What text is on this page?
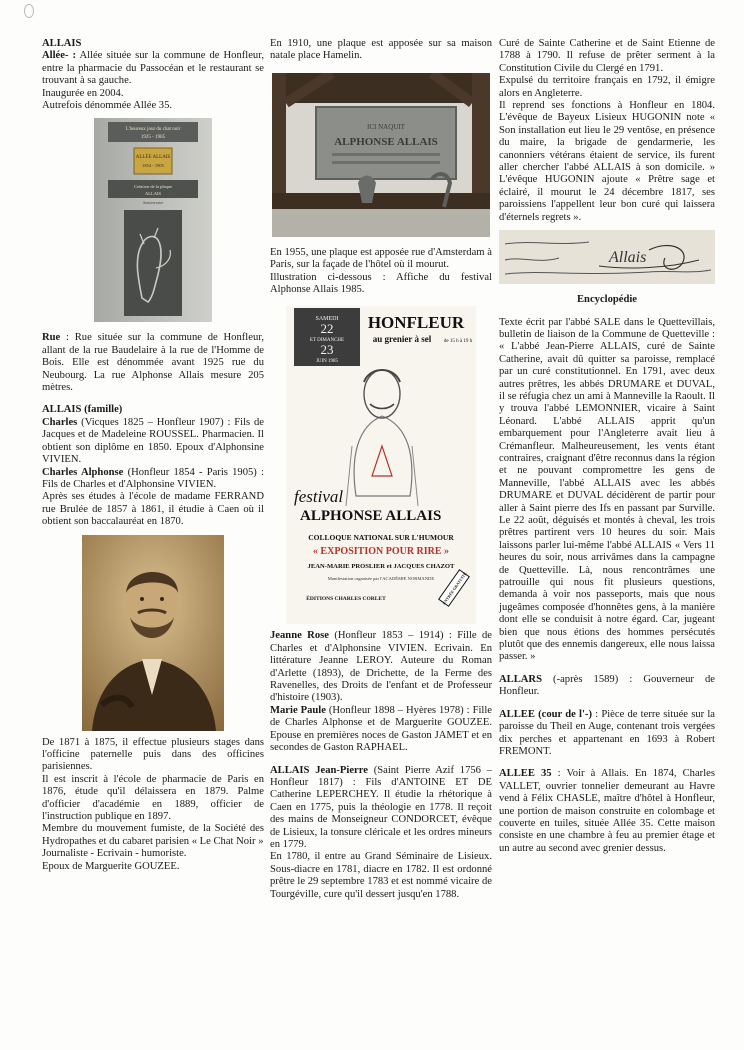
ALLAIS

Allée- : Allée située sur la commune de Honfleur, entre la pharmacie du Passocéan et le restaurant se trouvant à sa gauche.

Inaugurée en 2004.

Autrefois dénommée Allée 35.

L'heureux jour du chat noir
1925 - 1985
ALLÉE ALLAIS
1854 - 1905
Création de la plaque
ALLAIS
Anniversaire

Rue : Rue située sur la commune de Honfleur, allant de la rue Baudelaire à la rue de l'Homme de Bois. Elle est dénommée avant 1925 rue du Neubourg. La rue Alphonse Allais mesure 205 mètres.

ALLAIS (famille)

Charles (Vicques 1825 – Honfleur 1907) : Fils de Jacques et de Madeleine ROUSSEL. Pharmacien. Il obtient son diplôme en 1850. Epoux d'Alphonsine VIVIEN.

Charles Alphonse (Honfleur 1854 - Paris 1905) : Fils de Charles et d'Alphonsine VIVIEN.

Après ses études à l'école de madame FERRAND rue Brulée de 1857 à 1861, il étudie à Caen où il obtient son baccalauréat en 1870.

De 1871 à 1875, il effectue plusieurs stages dans l'officine paternelle puis dans des officines parisiennes.

Il est inscrit à l'école de pharmacie de Paris en 1876, étude qu'il délaissera en 1879. Palme d'officier d'académie en 1889, officier de l'instruction publique en 1897.

Membre du mouvement fumiste, de la Société des Hydropathes et du cabaret parisien « Le Chat Noir »

Journaliste - Ecrivain - humoriste.

Epoux de Marguerite GOUZEE.

En 1910, une plaque est apposée sur sa maison natale place Hamelin.

ICI NAQUIT
ALPHONSE ALLAIS

En 1955, une plaque est apposée rue d'Amsterdam à Paris, sur la façade de l'hôtel où il mourut.

Illustration ci-dessous : Affiche du festival Alphonse Allais 1985.

SAMEDI
22
ET DIMANCHE
23
JUIN 1985
HONFLEUR
au grenier à sel	de 15 h à 19 h
festival
ALPHONSE ALLAIS
COLLOQUE NATIONAL SUR L'HUMOUR
« EXPOSITION POUR RIRE »
JEAN-MARIE PROSLIER et JACQUES CHAZOT
Manifestation organisée par l'ACADÉMIE NORMANDE
ÉDITIONS CHARLES CORLET	ENTRÉE GRATUITE

Jeanne Rose (Honfleur 1853 – 1914) : Fille de Charles et d'Alphonsine VIVIEN. Ecrivain. En littérature Jeanne LEROY. Auteure du Roman d'Arlette (1893), de Drichette, de la Ferme des Ravenelles, des Droits de l'enfant et de Professeur d'histoire (1903).

Marie Paule (Honfleur 1898 – Hyères 1978) : Fille de Charles Alphonse et de Marguerite GOUZEE. Epouse en premières noces de Gaston JAMET et en secondes de Gaston RAPHAEL.

ALLAIS Jean-Pierre (Saint Pierre Azif 1756 – Honfleur 1817) : Fils d'ANTOINE ET DE Catherine LEPERCHEY. Il étudie la rhétorique à Caen en 1775, puis la théologie en 1778. Il reçoit des mains de Monseigneur CONDORCET, évêque de Lisieux, la tonsure cléricale et les ordres mineurs en 1779.

En 1780, il entre au Grand Séminaire de Lisieux. Sous-diacre en 1781, diacre en 1782. Il est ordonné prêtre le 29 septembre 1783 et est nommé vicaire de Tourgéville, cure qu'il dessert jusqu'en 1788.

Curé de Sainte Catherine et de Saint Etienne de 1788 à 1790. Il refuse de prêter serment à la Constitution Civile du Clergé en 1791.

Expulsé du territoire français en 1792, il émigre alors en Angleterre.

Il reprend ses fonctions à Honfleur en 1804. L'évêque de Bayeux Lisieux HUGONIN note « Son installation eut lieu le 29 ventôse, en présence du maire, la brigade de gendarmerie, les canonniers vétérans étaient de service, ils furent aller chercher l'abbé ALLAIS à son domicile. » L'évêque HUGONIN ajoute « Prêtre sage et éclairé, il mourut le 24 décembre 1817, ses paroissiens l'appellent leur bon curé qui laissera d'éternels regrets ».

Allais

Encyclopédie

Texte écrit par l'abbé SALE dans le Quettevillais, bulletin de liaison de la Commune de Quetteville : « L'abbé Jean-Pierre ALLAIS, curé de Sainte Catherine, avait dû quitter sa paroisse, remplacé par un curé constitutionnel. En 1791, avec deux autres prêtres, les abbés DRUMARE et DUVAL, il se réfugia chez un ami à Manneville la Raoult. Il y trouva l'abbé LEMONNIER, vicaire à Saint Léonard. L'abbé ALLAIS apprit qu'un embarquement pour l'Angleterre avait lieu à Crémanfleur. Malheureusement, les vents étant contraires, craignant d'être reconnus dans la région et ne pouvant compromettre les gens de Manneville, l'abbé ALLAIS avec les abbés DRUMARE et DUVAL décidèrent de partir pour aller à Saint pierre des Ifs en passant par Surville. Le 22 août, déguisés et montés à cheval, les trois prêtres partirent vers 10 heures du soir. Mais laissons parler lui-même l'abbé ALLAIS « Vers 11 heures du soir, nous arrivâmes dans la campagne de Quetteville. Là, nous rencontrâmes une patrouille qui nous fit plusieurs questions, demanda à voir nos passeports, mais que nous jugeâmes composée d'honnêtes gens, à la manière dont elle se conduisit à notre égard. Car, jugeant bien que nous étions des hommes persécutés plutôt que des ennemis dangereux, elle nous laissa passer. »

ALLARS (-après 1589) : Gouverneur de Honfleur.

ALLEE (cour de l'-) : Pièce de terre située sur la paroisse du Theil en Auge, contenant trois vergées dix perches et appartenant en 1693 à Robert FREMONT.

ALLEE 35 : Voir à Allais. En 1874, Charles VALLET, ouvrier tonnelier demeurant au Havre vend à Félix CHASLE, maître d'hôtel à Honfleur, une portion de maison construite en colombage et couverte en tuiles, située Allée 35. Cette maison consiste en une chambre à feu au premier étage et un autre au second avec grenier dessus.
